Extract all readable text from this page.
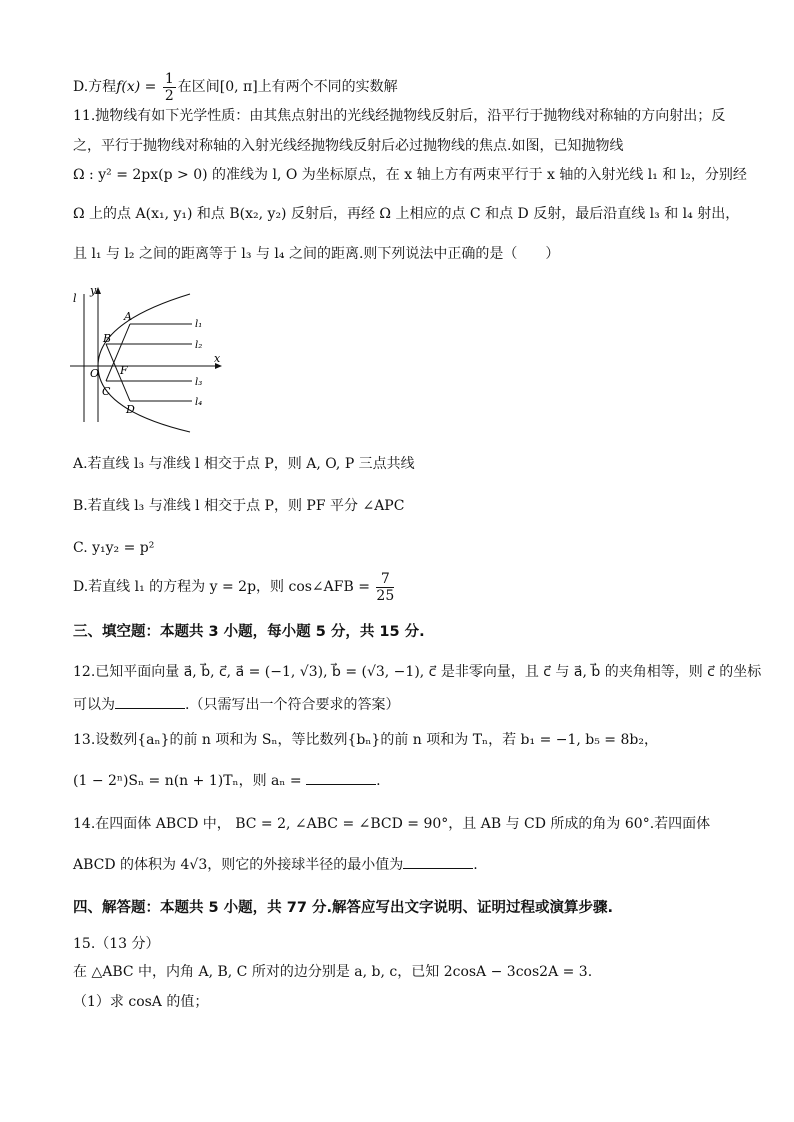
D.方程$f(x) = \frac{1}{2}$ 在区间[0, π]上有两个不同的实数解
11.抛物线有如下光学性质：由其焦点射出的光线经抛物线反射后，沿平行于抛物线对称轴的方向射出；反
之，平行于抛物线对称轴的入射光线经抛物线反射后必过抛物线的焦点.如图，已知抛物线
Ω : y² = 2px(p > 0) 的准线为 l, O 为坐标原点，在 x 轴上方有两束平行于 x 轴的入射光线 l₁ 和 l₂，分别经
Ω 上的点 A(x₁, y₁) 和点 B(x₂, y₂) 反射后，再经 Ω 上相应的点 C 和点 D 反射，最后沿直线 l₃ 和 l₄ 射出，
且 l₁ 与 l₂ 之间的距离等于 l₃ 与 l₄ 之间的距离.则下列说法中正确的是（　　）
l
y
x
O F
A
B
C
D
l₁
l₂
l₃
l₄
A.若直线 l₃ 与准线 l 相交于点 P，则 A, O, P 三点共线
B.若直线 l₃ 与准线 l 相交于点 P，则 PF 平分 ∠APC
C. y₁y₂ = p²
D.若直线 l₁ 的方程为 y = 2p，则 cos∠AFB = $\frac{7}{25}$
三、填空题：本题共 3 小题，每小题 5 分，共 15 分.
12.已知平面向量 a⃗, b⃗, c⃗, a⃗ = (−1, √3), b⃗ = (√3, −1), c⃗ 是非零向量，且 c⃗ 与 a⃗, b⃗ 的夹角相等，则 c⃗ 的坐标
可以为	.（只需写出一个符合要求的答案）
13.设数列{aₙ}的前 n 项和为 Sₙ，等比数列{bₙ}的前 n 项和为 Tₙ，若 b₁ = −1, b₅ = 8b₂，
(1 − 2ⁿ)Sₙ = n(n + 1)Tₙ，则 aₙ =	.
14.在四面体 ABCD 中， BC = 2, ∠ABC = ∠BCD = 90°，且 AB 与 CD 所成的角为 60°.若四面体
ABCD 的体积为 4√3，则它的外接球半径的最小值为	.
四、解答题：本题共 5 小题，共 77 分.解答应写出文字说明、证明过程或演算步骤.
15.（13 分）
在 △ABC 中，内角 A, B, C 所对的边分别是 a, b, c，已知 2cosA − 3cos2A = 3.
（1）求 cosA 的值；
